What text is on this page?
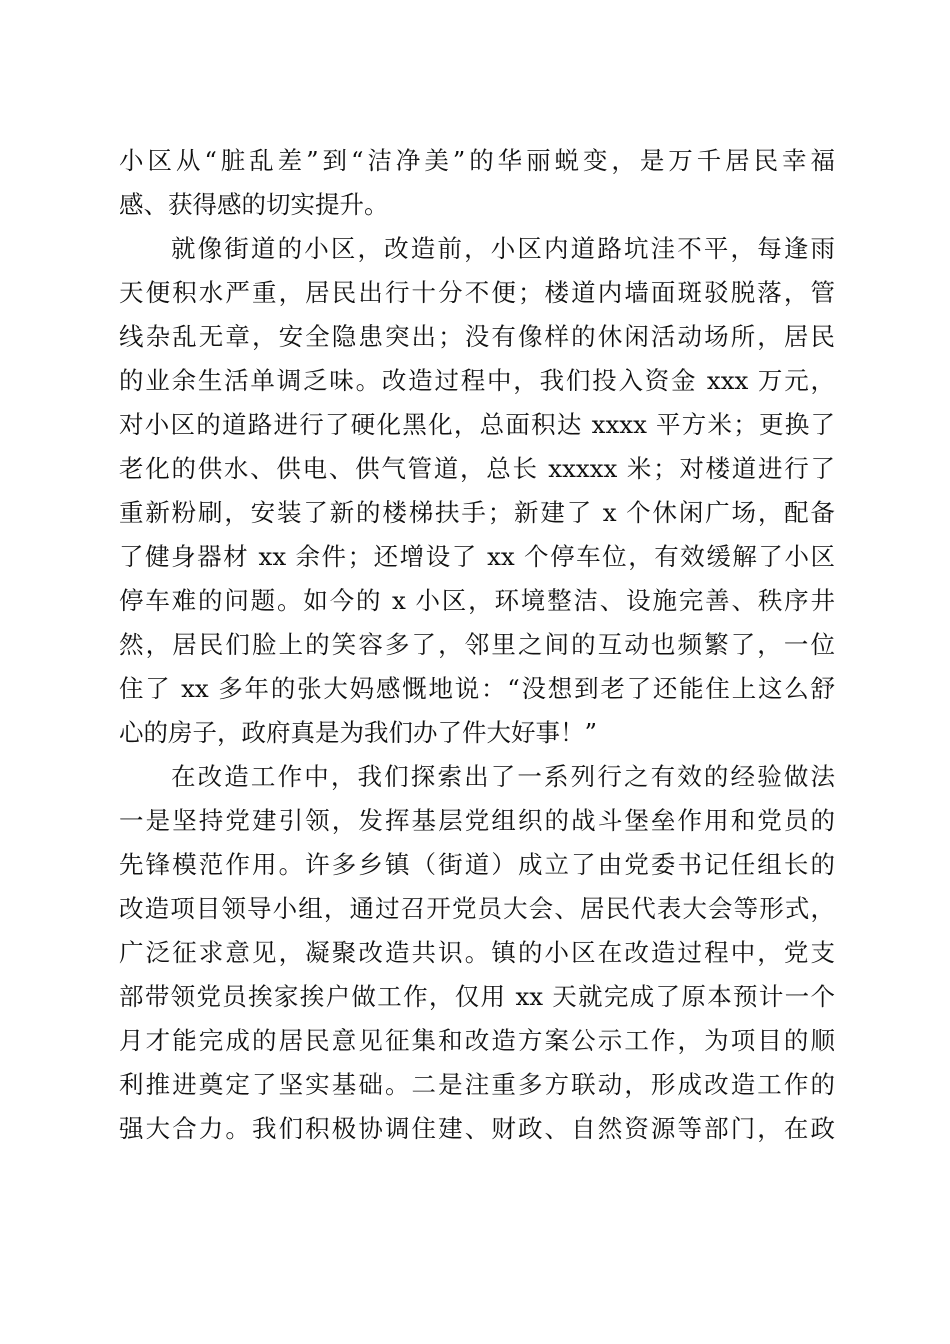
小区从“脏乱差”到“洁净美”的华丽蜕变，是万千居民幸福
感、获得感的切实提升。
就像街道的小区，改造前，小区内道路坑洼不平，每逢雨
天便积水严重，居民出行十分不便；楼道内墙面斑驳脱落，管
线杂乱无章，安全隐患突出；没有像样的休闲活动场所，居民
的业余生活单调乏味。改造过程中，我们投入资金 xxx 万元，
对小区的道路进行了硬化黑化，总面积达 xxxx 平方米；更换了
老化的供水、供电、供气管道，总长 xxxxx 米；对楼道进行了
重新粉刷，安装了新的楼梯扶手；新建了 x 个休闲广场，配备
了健身器材 xx 余件；还增设了 xx 个停车位，有效缓解了小区
停车难的问题。如今的 x 小区，环境整洁、设施完善、秩序井
然，居民们脸上的笑容多了，邻里之间的互动也频繁了，一位
住了 xx 多年的张大妈感慨地说：“没想到老了还能住上这么舒
心的房子，政府真是为我们办了件大好事！”
在改造工作中，我们探索出了一系列行之有效的经验做法
一是坚持党建引领，发挥基层党组织的战斗堡垒作用和党员的
先锋模范作用。许多乡镇（街道）成立了由党委书记任组长的
改造项目领导小组，通过召开党员大会、居民代表大会等形式，
广泛征求意见，凝聚改造共识。镇的小区在改造过程中，党支
部带领党员挨家挨户做工作，仅用 xx 天就完成了原本预计一个
月才能完成的居民意见征集和改造方案公示工作，为项目的顺
利推进奠定了坚实基础。二是注重多方联动，形成改造工作的
强大合力。我们积极协调住建、财政、自然资源等部门，在政
